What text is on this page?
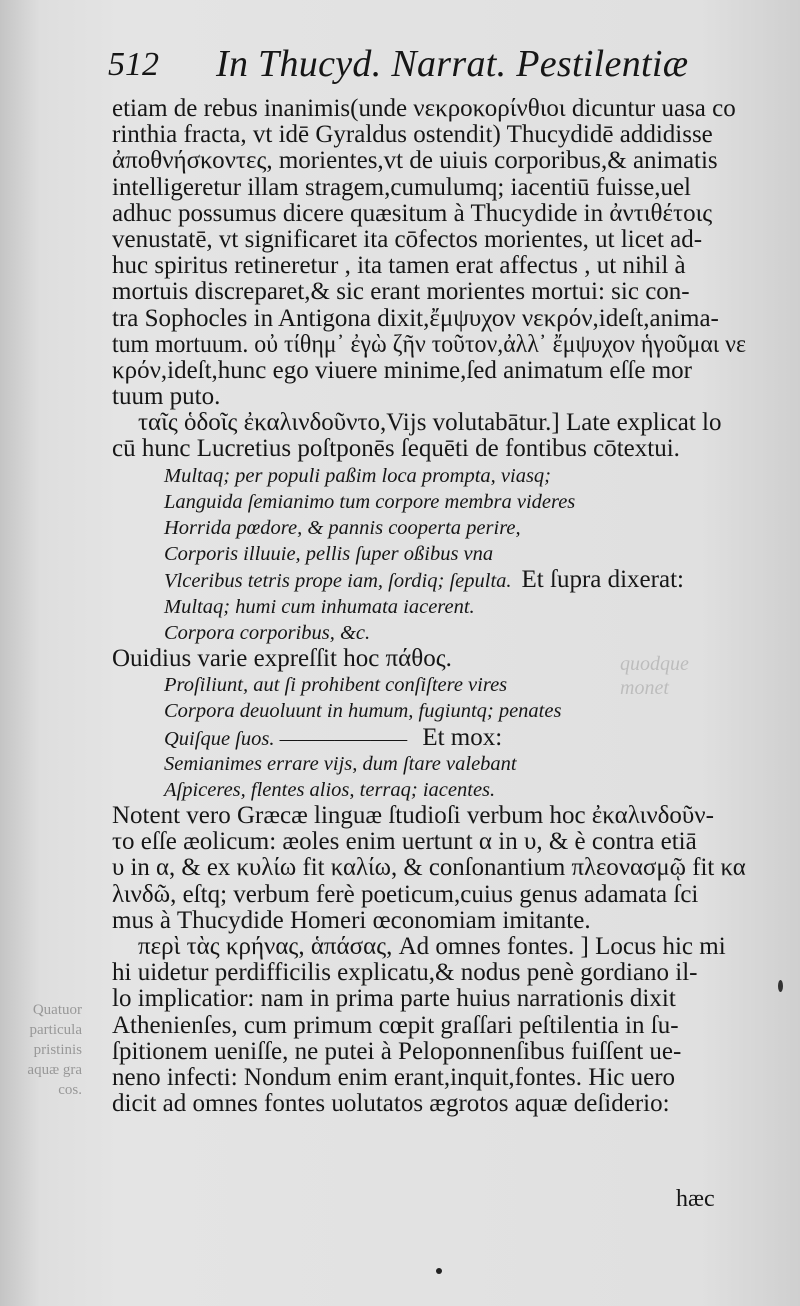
512 In Thucyd. Narrat. Pestilentiæ
etiam de rebus inanimis(unde νεκροκορίνθιοι dicuntur uasa co
rinthia fracta, vt idē Gyraldus ostendit) Thucydidē addidisse
ἀποθνήσκοντες, morientes,vt de uiuis corporibus,& animatis
intelligeretur illam stragem,cumulumq; iacentiū fuisse,uel
adhuc possumus dicere quæsitum à Thucydide in ἀντιθέτοις
venustatē, vt significaret ita cōfectos morientes, ut licet ad-
huc spiritus retineretur , ita tamen erat affectus , ut nihil à
mortuis discreparet,& sic erant morientes mortui: sic con-
tra Sophocles in Antigona dixit,ἔμψυχον νεκρόν,ideſt,anima-
tum mortuum. οὐ τίθημ᾽ ἐγὼ ζῆν τοῦτον,ἀλλ᾽ ἔμψυχον ἡγοῦμαι νε
κρόν,ideſt,hunc ego viuere minime,ſed animatum eſſe mor
tuum puto.
ταῖς ὁδοῖς ἐκαλινδοῦντο,Vijs volutabātur.] Late explicat lo
cū hunc Lucretius poſtponēs ſequēti de fontibus cōtextui.
Multaq; per populi paßim loca prompta, viasq;
Languida ſemianimo tum corpore membra videres
Horrida pœdore, & pannis cooperta perire,
Corporis illuuie, pellis ſuper oßibus vna
Vlceribus tetris prope iam, ſordiq; ſepulta. Et ſupra dixerat:
Multaq; humi cum inhumata iacerent.
Corpora corporibus, &c.
Ouidius varie expreſſit hoc πάθος.
Proſiliunt, aut ſi prohibent conſiſtere vires
Corpora deuoluunt in humum, fugiuntq; penates
Quiſque ſuos. ——————— Et mox:
Semianimes errare vijs, dum ſtare valebant
Aſpiceres, flentes alios, terraq; iacentes.
Notent vero Græcæ linguæ ſtudioſi verbum hoc ἐκαλινδοῦν-
το eſſe æolicum: æoles enim uertunt α in υ, & è contra etiā
υ in α, & ex κυλίω fit καλίω, & conſonantium πλεονασμῷ fit κα
λινδῶ, eſtq; verbum ferè poeticum,cuius genus adamata ſci
mus à Thucydide Homeri œconomiam imitante.
περὶ τὰς κρήνας, ἁπάσας, Ad omnes fontes. ] Locus hic mi
hi uidetur perdifficilis explicatu,& nodus penè gordiano il-
lo implicatior: nam in prima parte huius narrationis dixit
Athenienſes, cum primum cœpit graſſari peſtilentia in ſu-
ſpitionem ueniſſe, ne putei à Peloponnenſibus fuiſſent ue-
neno infecti: Nondum enim erant,inquit,fontes. Hic uero
dicit ad omnes fontes uolutatos ægrotos aquæ deſiderio:
Quatuor
particula
pristinis
aquæ gra
cos.
quodque
monet
hæc
